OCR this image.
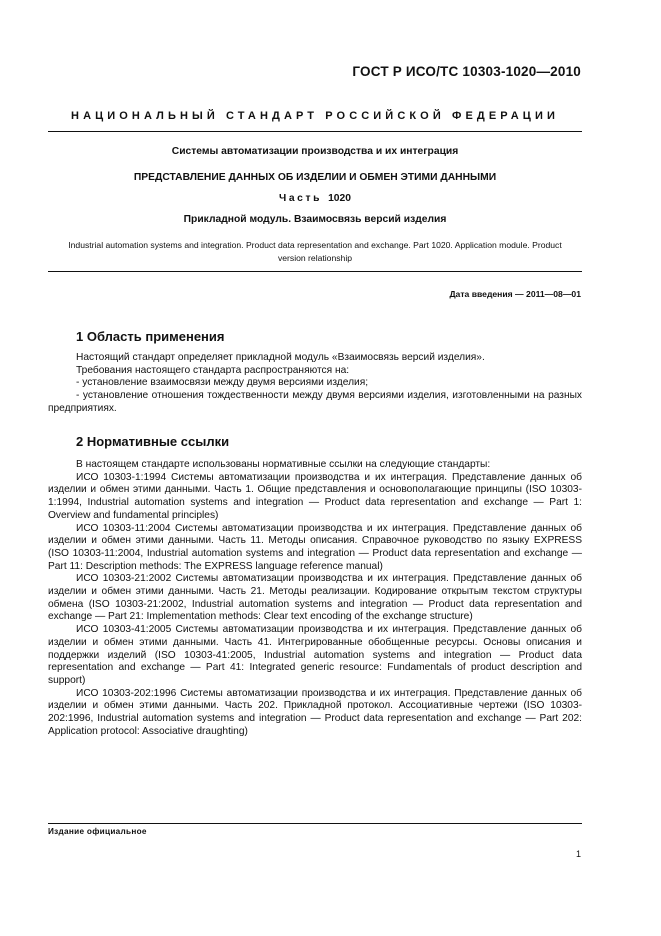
ГОСТ Р ИСО/ТС 10303-1020—2010
НАЦИОНАЛЬНЫЙ СТАНДАРТ РОССИЙСКОЙ ФЕДЕРАЦИИ
Системы автоматизации производства и их интеграция
ПРЕДСТАВЛЕНИЕ ДАННЫХ ОБ ИЗДЕЛИИ И ОБМЕН ЭТИМИ ДАННЫМИ
Часть 1020
Прикладной модуль. Взаимосвязь версий изделия
Industrial automation systems and integration. Product data representation and exchange. Part 1020. Application module. Product version relationship
Дата введения — 2011—08—01
1 Область применения

Настоящий стандарт определяет прикладной модуль «Взаимосвязь версий изделия».

Требования настоящего стандарта распространяются на:

- установление взаимосвязи между двумя версиями изделия;

- установление отношения тождественности между двумя версиями изделия, изготовленными на разных предприятиях.

2 Нормативные ссылки

В настоящем стандарте использованы нормативные ссылки на следующие стандарты:

ИСО 10303-1:1994 Системы автоматизации производства и их интеграция. Представление данных об изделии и обмен этими данными. Часть 1. Общие представления и основополагающие принципы (ISO 10303-1:1994, Industrial automation systems and integration — Product data representation and exchange — Part 1: Overview and fundamental principles)

ИСО 10303-11:2004 Системы автоматизации производства и их интеграция. Представление данных об изделии и обмен этими данными. Часть 11. Методы описания. Справочное руководство по языку EXPRESS (ISO 10303-11:2004, Industrial automation systems and integration — Product data representation and exchange — Part 11: Description methods: The EXPRESS language reference manual)

ИСО 10303-21:2002 Системы автоматизации производства и их интеграция. Представление данных об изделии и обмен этими данными. Часть 21. Методы реализации. Кодирование открытым текстом структуры обмена (ISO 10303-21:2002, Industrial automation systems and integration — Product data representation and exchange — Part 21: Implementation methods: Clear text encoding of the exchange structure)

ИСО 10303-41:2005 Системы автоматизации производства и их интеграция. Представление данных об изделии и обмен этими данными. Часть 41. Интегрированные обобщенные ресурсы. Основы описания и поддержки изделий (ISO 10303-41:2005, Industrial automation systems and integration — Product data representation and exchange — Part 41: Integrated generic resource: Fundamentals of product description and support)

ИСО 10303-202:1996 Системы автоматизации производства и их интеграция. Представление данных об изделии и обмен этими данными. Часть 202. Прикладной протокол. Ассоциативные чертежи (ISO 10303-202:1996, Industrial automation systems and integration — Product data representation and exchange — Part 202: Application protocol: Associative draughting)

Издание официальное
1
